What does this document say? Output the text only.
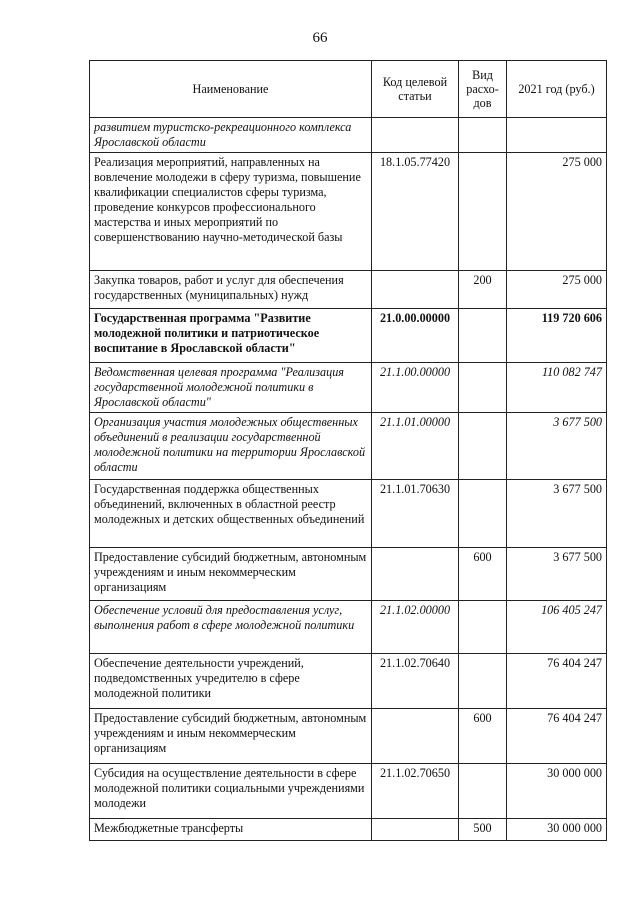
66
Наименование	Код целевой статьи	Вид расхо-дов	2021 год (руб.)
развитием туристско-рекреационного комплекса Ярославской области			
Реализация мероприятий, направленных на вовлечение молодежи в сферу туризма, повышение квалификации специалистов сферы туризма, проведение конкурсов профессионального мастерства и иных мероприятий по совершенствованию научно-методической базы	18.1.05.77420		275 000
Закупка товаров, работ и услуг для обеспечения государственных (муниципальных) нужд		200	275 000
Государственная программа "Развитие молодежной политики и патриотическое воспитание в Ярославской области"	21.0.00.00000		119 720 606
Ведомственная целевая программа "Реализация государственной молодежной политики в Ярославской области"	21.1.00.00000		110 082 747
Организация участия молодежных общественных объединений в реализации государственной молодежной политики на территории Ярославской области	21.1.01.00000		3 677 500
Государственная поддержка общественных объединений, включенных в областной реестр молодежных и детских общественных объединений	21.1.01.70630		3 677 500
Предоставление субсидий бюджетным, автономным учреждениям и иным некоммерческим организациям		600	3 677 500
Обеспечение условий для предоставления услуг, выполнения работ в сфере молодежной политики	21.1.02.00000		106 405 247
Обеспечение деятельности учреждений, подведомственных учредителю в сфере молодежной политики	21.1.02.70640		76 404 247
Предоставление субсидий бюджетным, автономным учреждениям и иным некоммерческим организациям		600	76 404 247
Субсидия на осуществление деятельности в сфере молодежной политики социальными учреждениями молодежи	21.1.02.70650		30 000 000
Межбюджетные трансферты		500	30 000 000
